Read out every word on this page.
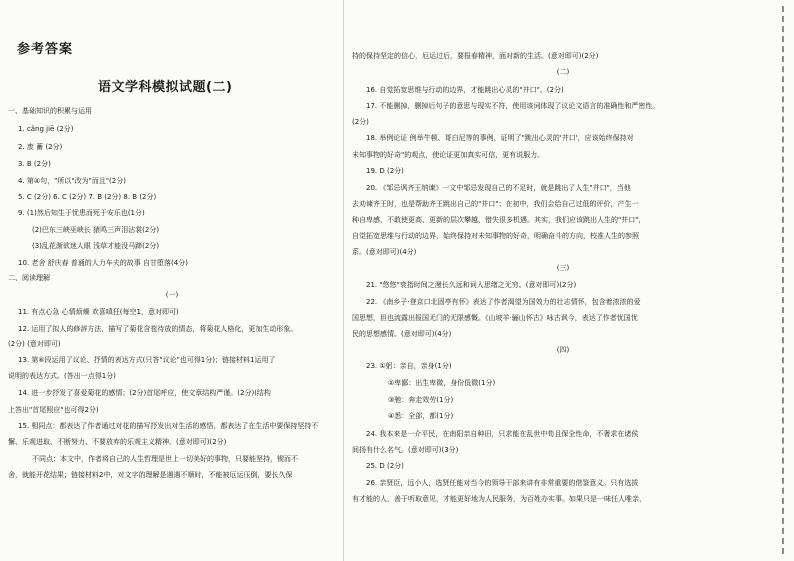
参考答案
语文学科模拟试题(二)
一、基础知识的积累与运用
1. cǎng jiē (2分)
2. 废 蓄 (2分)
3. B (2分)
4. 第④句，"所以"改为"而且"(2分)
5. C (2分) 6. C (2分) 7. B (2分) 8. B (2分)
9. (1)然后知生于忧患而死于安乐也(1分)
(2)巴东三峡巫峡长 猿鸣三声泪沾裳(2分)
(3)乱花渐欲迷人眼 浅草才能没马蹄(2分)
10. 老舍 舒庆春 普通的人力车夫的故事 自甘堕落(4分)
二、阅读理解
(一)
11. 有点心急 心情烦燥 欢喜嗔狂(每空1，意对即可)
12. 运用了拟人的修辞方法，描写了菊花含苞待放的情态，将菊花人格化，更加生动形象。
(2分) (意对即可)
13. 第⑥段运用了议论、抒情的表达方式(只答"议论"也可得1分)；链接材料1运用了
说明的表达方式。(答出一点得1分)
14. 进一步抒发了喜爱菊花的感情；(2分)首尾呼应，使文章结构严谨。(2分)(结构
上答出"首尾照应"也可得2分)
15. 相同点：都表达了作者通过对花的描写抒发出对生活的感悟，都表达了在生活中要保持坚持不
懈、乐观进取、不断努力、不要放弃的乐观主义精神。(意对即可)(2分)
不同点：本文中，作者将自己的人生哲理是世上一切美好的事物，只要能坚持，锲而不
舍，就能开花结果；链接材料2中，对文字的理解是遇遇不顺时，不能被厄运压倒，要长久保
持的保持坚定的信心，厄运过后，要报春精神，面对新的生活。(意对即可)(2分)
(二)
16. 自觉拓宽思维与行动的边界，才能跳出心灵的"井口"。(2分)
17. 不能删掉，删掉后句子的意思与现实不符，使用该词体现了议论文语言的准确性和严密性。
(2分)
18. 举例论证 例举牛顿、哥白尼等的事例，证明了"跳出心灵的'井口'，应该始终保持对
未知事物的好奇"的观点，使论证更加真实可信，更有说服力。
19. D (2分)
20. 《邹忌讽齐王纳谏》一文中邹忌发现自己的不足时，就是跳出了人生"井口"，当他
去劝谏齐王时，也是帮助齐王跳出自己的"井口"；在初中，我们会给自己过低的评价，产生一
种自卑感，不敢使更高、更新的层次攀越，错失很多机遇。其实，我们应该跳出人生的"井口"，
自觉拓宽思维与行动的边界，始终保持对未知事物的好奇，明确奋斗的方向，校准人生的参照
系。(意对即可)(4分)
(三)
21. "悠悠"衰指时间之漫长久远和词人思绪之无穷。(意对即可)(2分)
22. 《南乡子·登京口北固亭有怀》表达了作者渴望为国效力的壮志情怀，包含着浓浓的爱
国思想，但也流露出报国无门的无限感慨。《山坡羊·骊山怀古》咏古讽今，表达了作者忧国忧
民的思想感情。(意对即可)(4分)
(四)
23. ①躬：亲自，亲身(1分)
②卑鄙：出生卑微，身份低微(1分)
③驰：奔走效劳(1分)
④悉：全部，都(1分)
24. 我本来是一介平民，在南阳亲自种田，只求能在乱世中苟且保全性命，不奢求在诸侯
间扬有什么名气。(意对即可)(3分)
25. D (2分)
26. 亲贤臣，远小人，选贤任能对当今的领导干部来讲有非常重要的借鉴意义。只有选拔
有才能的人，善于听取意见，才能更好地为人民服务，为百姓办实事。如果只是一味任人唯亲，
